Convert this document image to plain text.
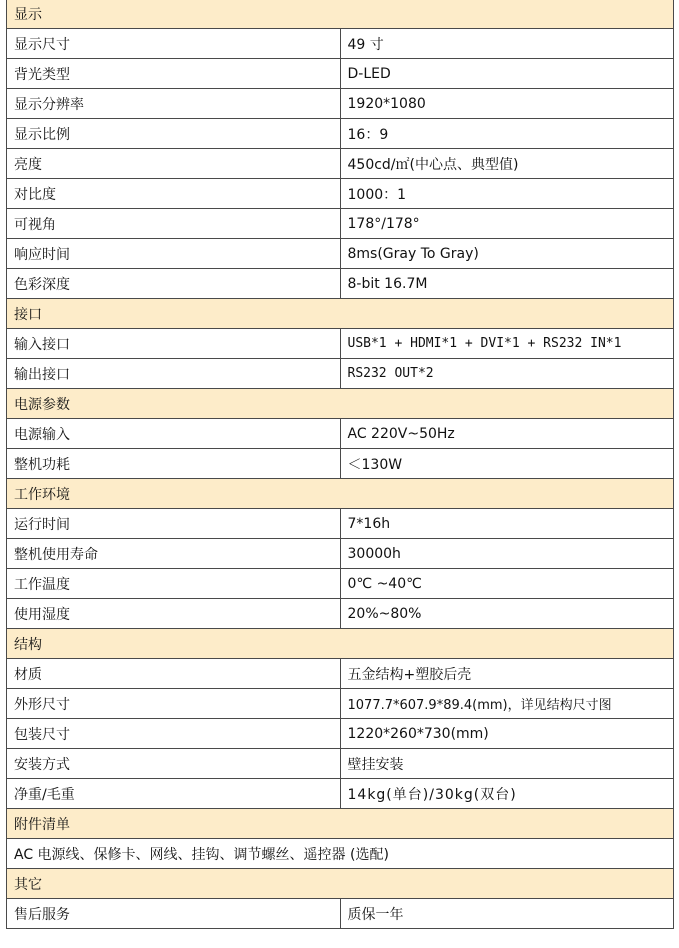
显示	
显示尺寸	49 寸
背光类型	D-LED
显示分辨率	1920*1080
显示比例	16：9
亮度	450cd/㎡(中心点、典型值)
对比度	1000：1
可视角	178°/178°
响应时间	8ms(Gray To Gray)
色彩深度	8-bit 16.7M
接口	
输入接口	USB*1 + HDMI*1 + DVI*1 + RS232 IN*1
输出接口	RS232 OUT*2
电源参数	
电源输入	AC 220V~50Hz
整机功耗	＜130W
工作环境	
运行时间	7*16h
整机使用寿命	30000h
工作温度	0℃ ~40℃
使用湿度	20%~80%
结构	
材质	五金结构+塑胶后壳
外形尺寸	1077.7*607.9*89.4(mm)，详见结构尺寸图
包装尺寸	1220*260*730(mm)
安装方式	壁挂安装
净重/毛重	14kg(单台)/30kg(双台)
附件清单	
AC 电源线、保修卡、网线、挂钩、调节螺丝、遥控器 (选配)	
其它	
售后服务	质保一年
